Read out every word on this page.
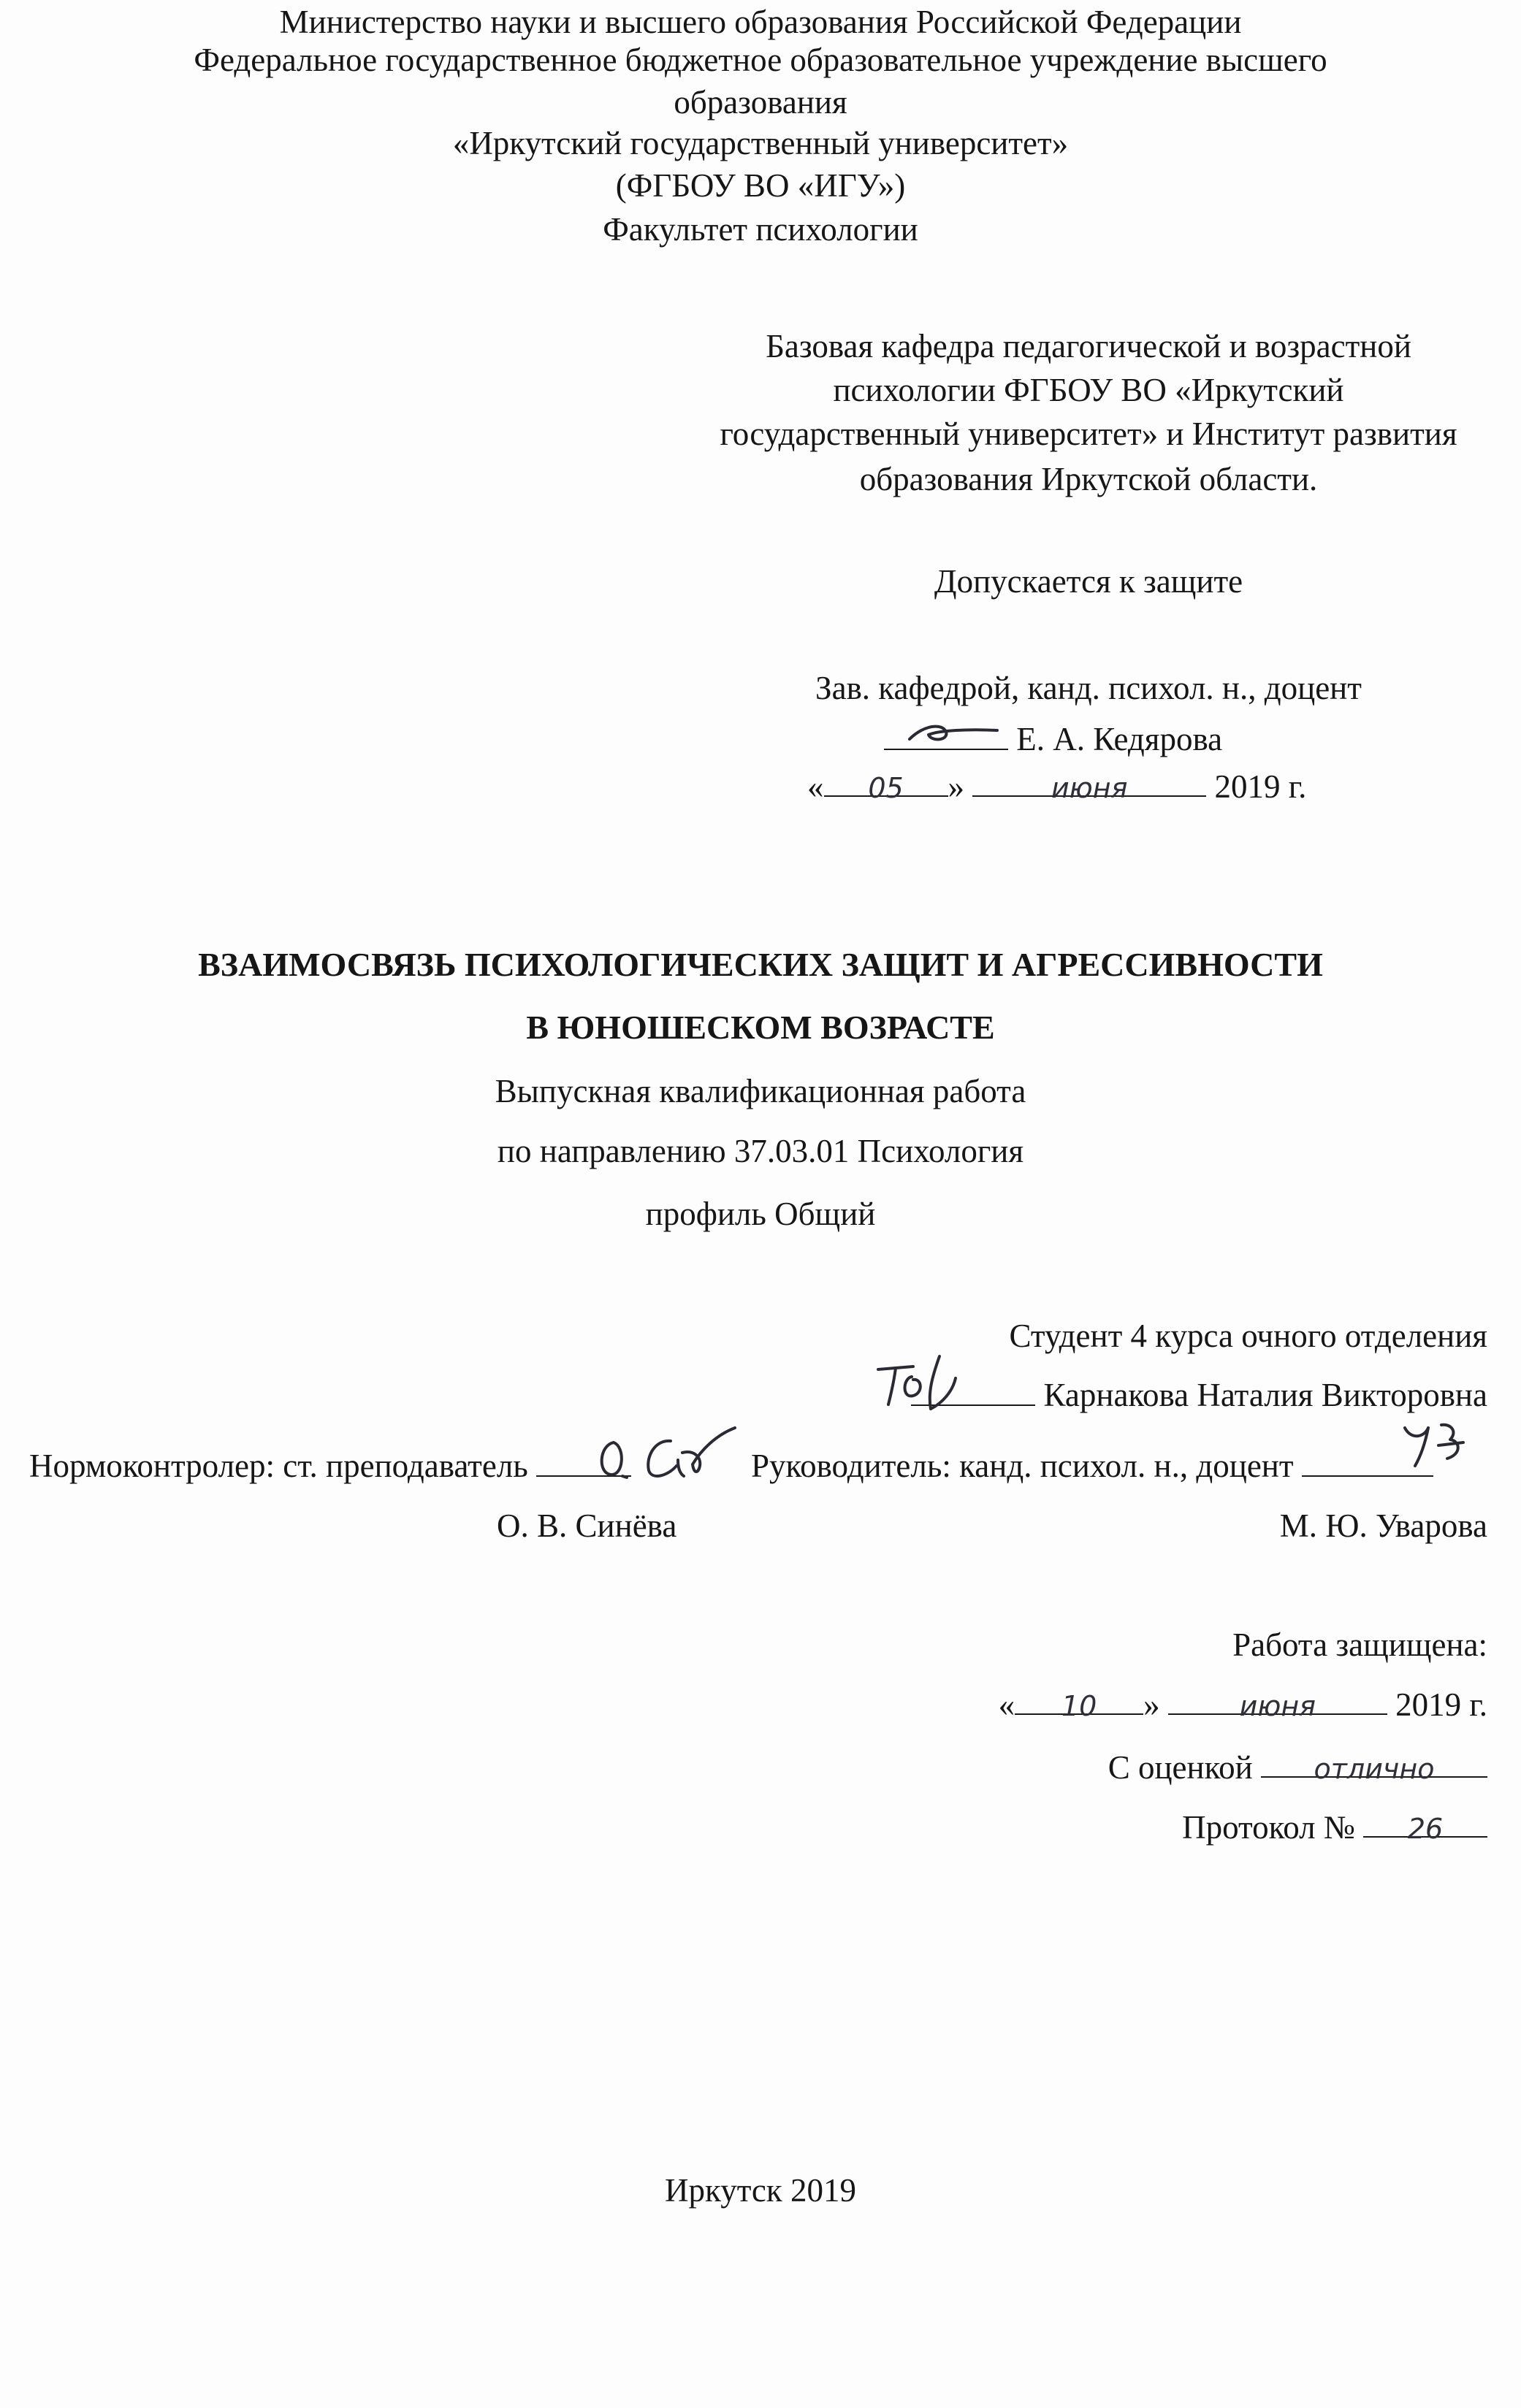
Министерство науки и высшего образования Российской Федерации
Федеральное государственное бюджетное образовательное учреждение высшего
образования
«Иркутский государственный университет»
(ФГБОУ ВО «ИГУ»)
Факультет психологии
Базовая кафедра педагогической и возрастной
психологии ФГБОУ ВО «Иркутский
государственный университет» и Институт развития
образования Иркутской области.
Допускается к защите
Зав. кафедрой, канд. психол. н., доцент
Е. А. Кедярова
« 05 »	июня	2019 г.
ВЗАИМОСВЯЗЬ ПСИХОЛОГИЧЕСКИХ ЗАЩИТ И АГРЕССИВНОСТИ
В ЮНОШЕСКОМ ВОЗРАСТЕ
Выпускная квалификационная работа
по направлению 37.03.01 Психология
профиль Общий
Студент 4 курса очного отделения
Карнакова Наталия Викторовна
Нормоконтролер: ст. преподаватель	Руководитель: канд. психол. н., доцент
О. В. Синёва	М. Ю. Уварова
Работа защищена:
« 10 »	июня 2019 г.
С оценкой отлично
Протокол № 26
Иркутск 2019
